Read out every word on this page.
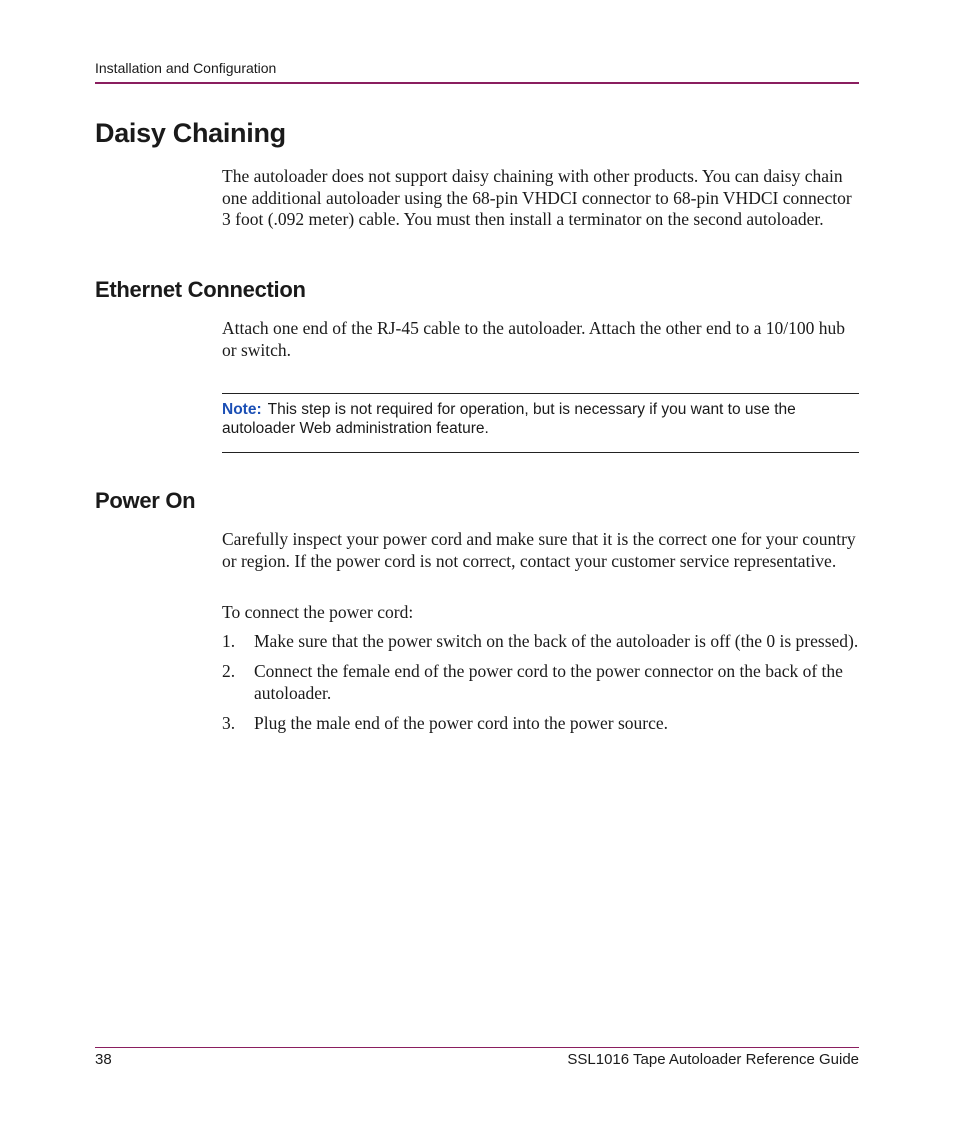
Installation and Configuration
Daisy Chaining

The autoloader does not support daisy chaining with other products. You can daisy chain one additional autoloader using the 68-pin VHDCI connector to 68-pin VHDCI connector 3 foot (.092 meter) cable. You must then install a terminator on the second autoloader.

Ethernet Connection

Attach one end of the RJ-45 cable to the autoloader. Attach the other end to a 10/100 hub or switch.

Note: This step is not required for operation, but is necessary if you want to use the autoloader Web administration feature.

Power On

Carefully inspect your power cord and make sure that it is the correct one for your country or region. If the power cord is not correct, contact your customer service representative.

To connect the power cord:

1. Make sure that the power switch on the back of the autoloader is off (the 0 is pressed).
2. Connect the female end of the power cord to the power connector on the back of the autoloader.
3. Plug the male end of the power cord into the power source.
38	SSL1016 Tape Autoloader Reference Guide
